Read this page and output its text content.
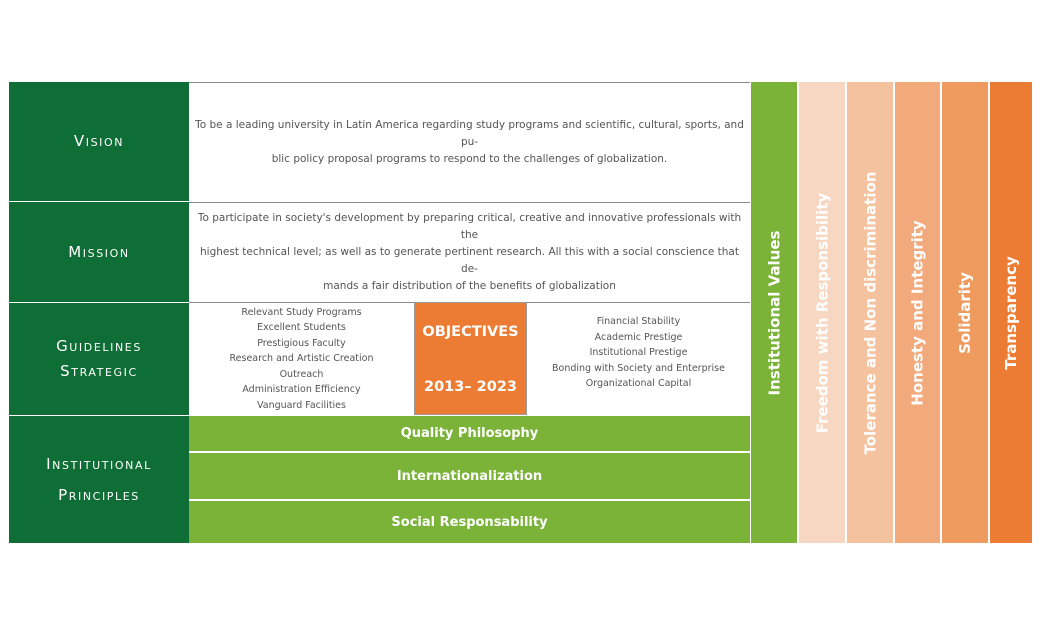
Vision
Mission
Guidelines
Strategic
Institutional
Principles
To be a leading university in Latin America regarding study programs and scientific, cultural, sports, and pu-
blic policy proposal programs to respond to the challenges of globalization.
To participate in society's development by preparing critical, creative and innovative professionals with the
highest technical level; as well as to generate pertinent research. All this with a social conscience that de-
mands a fair distribution of the benefits of globalization
Relevant Study Programs
Excellent Students
Prestigious Faculty
Research and Artistic Creation
Outreach
Administration Efficiency
Vanguard Facilities
OBJECTIVES
2013– 2023
Financial Stability
Academic Prestige
Institutional Prestige
Bonding with Society and Enterprise
Organizational Capital
Quality Philosophy
Internationalization
Social Responsability
Institutional Values Freedom with Responsibility Tolerance and Non discrimination Honesty and Integrity Solidarity Transparency
